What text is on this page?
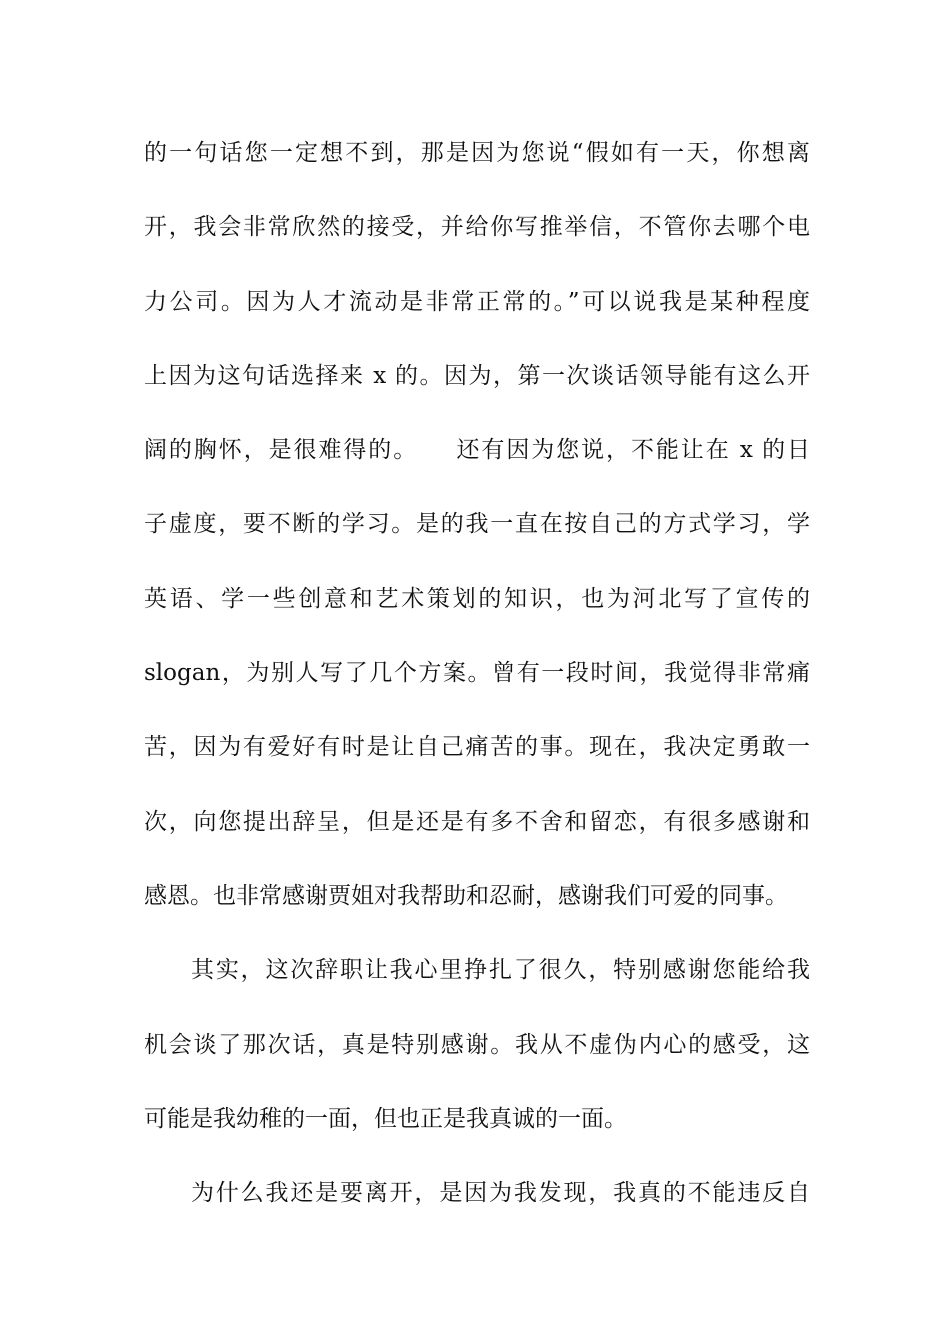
的一句话您一定想不到，那是因为您说“假如有一天，你想离
开，我会非常欣然的接受，并给你写推举信，不管你去哪个电
力公司。因为人才流动是非常正常的。”可以说我是某种程度
上因为这句话选择来 x 的。因为，第一次谈话领导能有这么开
阔的胸怀，是很难得的。　　还有因为您说，不能让在 x 的日
子虚度，要不断的学习。是的我一直在按自己的方式学习，学
英语、学一些创意和艺术策划的知识，也为河北写了宣传的
slogan，为别人写了几个方案。曾有一段时间，我觉得非常痛
苦，因为有爱好有时是让自己痛苦的事。现在，我决定勇敢一
次，向您提出辞呈，但是还是有多不舍和留恋，有很多感谢和
感恩。也非常感谢贾姐对我帮助和忍耐，感谢我们可爱的同事。
其实，这次辞职让我心里挣扎了很久，特别感谢您能给我
机会谈了那次话，真是特别感谢。我从不虚伪内心的感受，这
可能是我幼稚的一面，但也正是我真诚的一面。
为什么我还是要离开，是因为我发现，我真的不能违反自
